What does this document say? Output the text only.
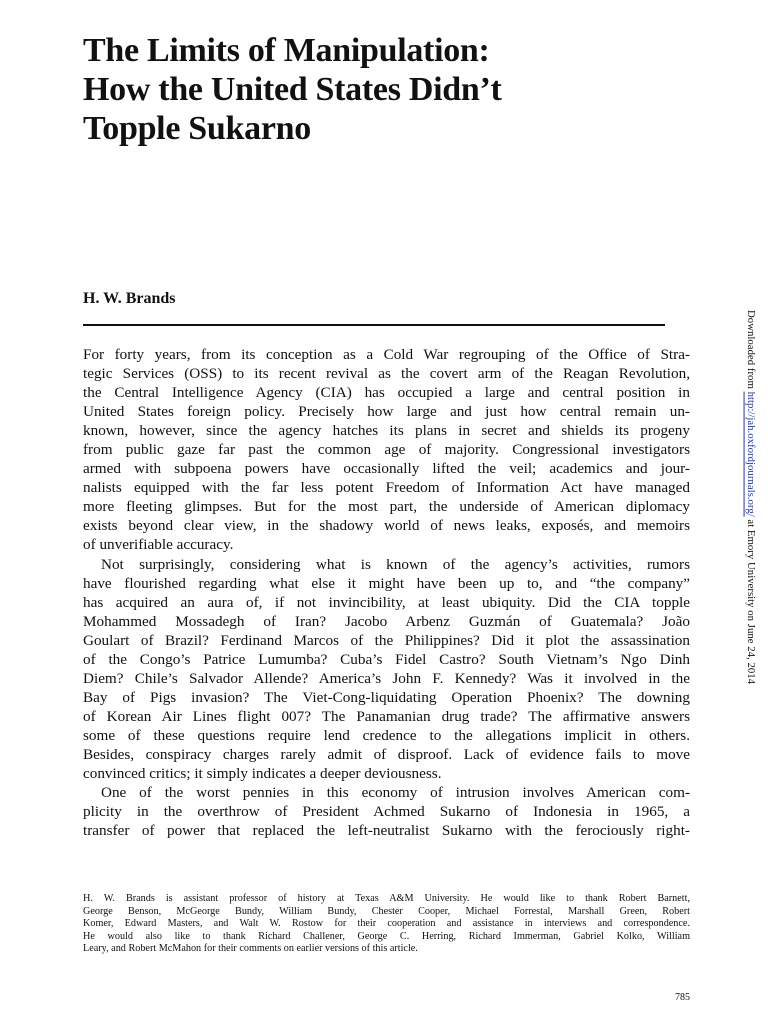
The Limits of Manipulation:
How the United States Didn’t
Topple Sukarno
H. W. Brands
For forty years, from its conception as a Cold War regrouping of the Office of Stra-
tegic Services (OSS) to its recent revival as the covert arm of the Reagan Revolution,
the Central Intelligence Agency (CIA) has occupied a large and central position in
United States foreign policy. Precisely how large and just how central remain un-
known, however, since the agency hatches its plans in secret and shields its progeny
from public gaze far past the common age of majority. Congressional investigators
armed with subpoena powers have occasionally lifted the veil; academics and jour-
nalists equipped with the far less potent Freedom of Information Act have managed
more fleeting glimpses. But for the most part, the underside of American diplomacy
exists beyond clear view, in the shadowy world of news leaks, exposés, and memoirs
of unverifiable accuracy.
Not surprisingly, considering what is known of the agency’s activities, rumors
have flourished regarding what else it might have been up to, and “the company”
has acquired an aura of, if not invincibility, at least ubiquity. Did the CIA topple
Mohammed Mossadegh of Iran? Jacobo Arbenz Guzmán of Guatemala? João
Goulart of Brazil? Ferdinand Marcos of the Philippines? Did it plot the assassination
of the Congo’s Patrice Lumumba? Cuba’s Fidel Castro? South Vietnam’s Ngo Dinh
Diem? Chile’s Salvador Allende? America’s John F. Kennedy? Was it involved in the
Bay of Pigs invasion? The Viet-Cong-liquidating Operation Phoenix? The downing
of Korean Air Lines flight 007? The Panamanian drug trade? The affirmative answers
some of these questions require lend credence to the allegations implicit in others.
Besides, conspiracy charges rarely admit of disproof. Lack of evidence fails to move
convinced critics; it simply indicates a deeper deviousness.
One of the worst pennies in this economy of intrusion involves American com-
plicity in the overthrow of President Achmed Sukarno of Indonesia in 1965, a
transfer of power that replaced the left-neutralist Sukarno with the ferociously right-
H. W. Brands is assistant professor of history at Texas A&M University. He would like to thank Robert Barnett,
George Benson, McGeorge Bundy, William Bundy, Chester Cooper, Michael Forrestal, Marshall Green, Robert
Komer, Edward Masters, and Walt W. Rostow for their cooperation and assistance in interviews and correspondence.
He would also like to thank Richard Challener, George C. Herring, Richard Immerman, Gabriel Kolko, William
Leary, and Robert McMahon for their comments on earlier versions of this article.
785
Downloaded from http://jah.oxfordjournals.org/ at Emory University on June 24, 2014
